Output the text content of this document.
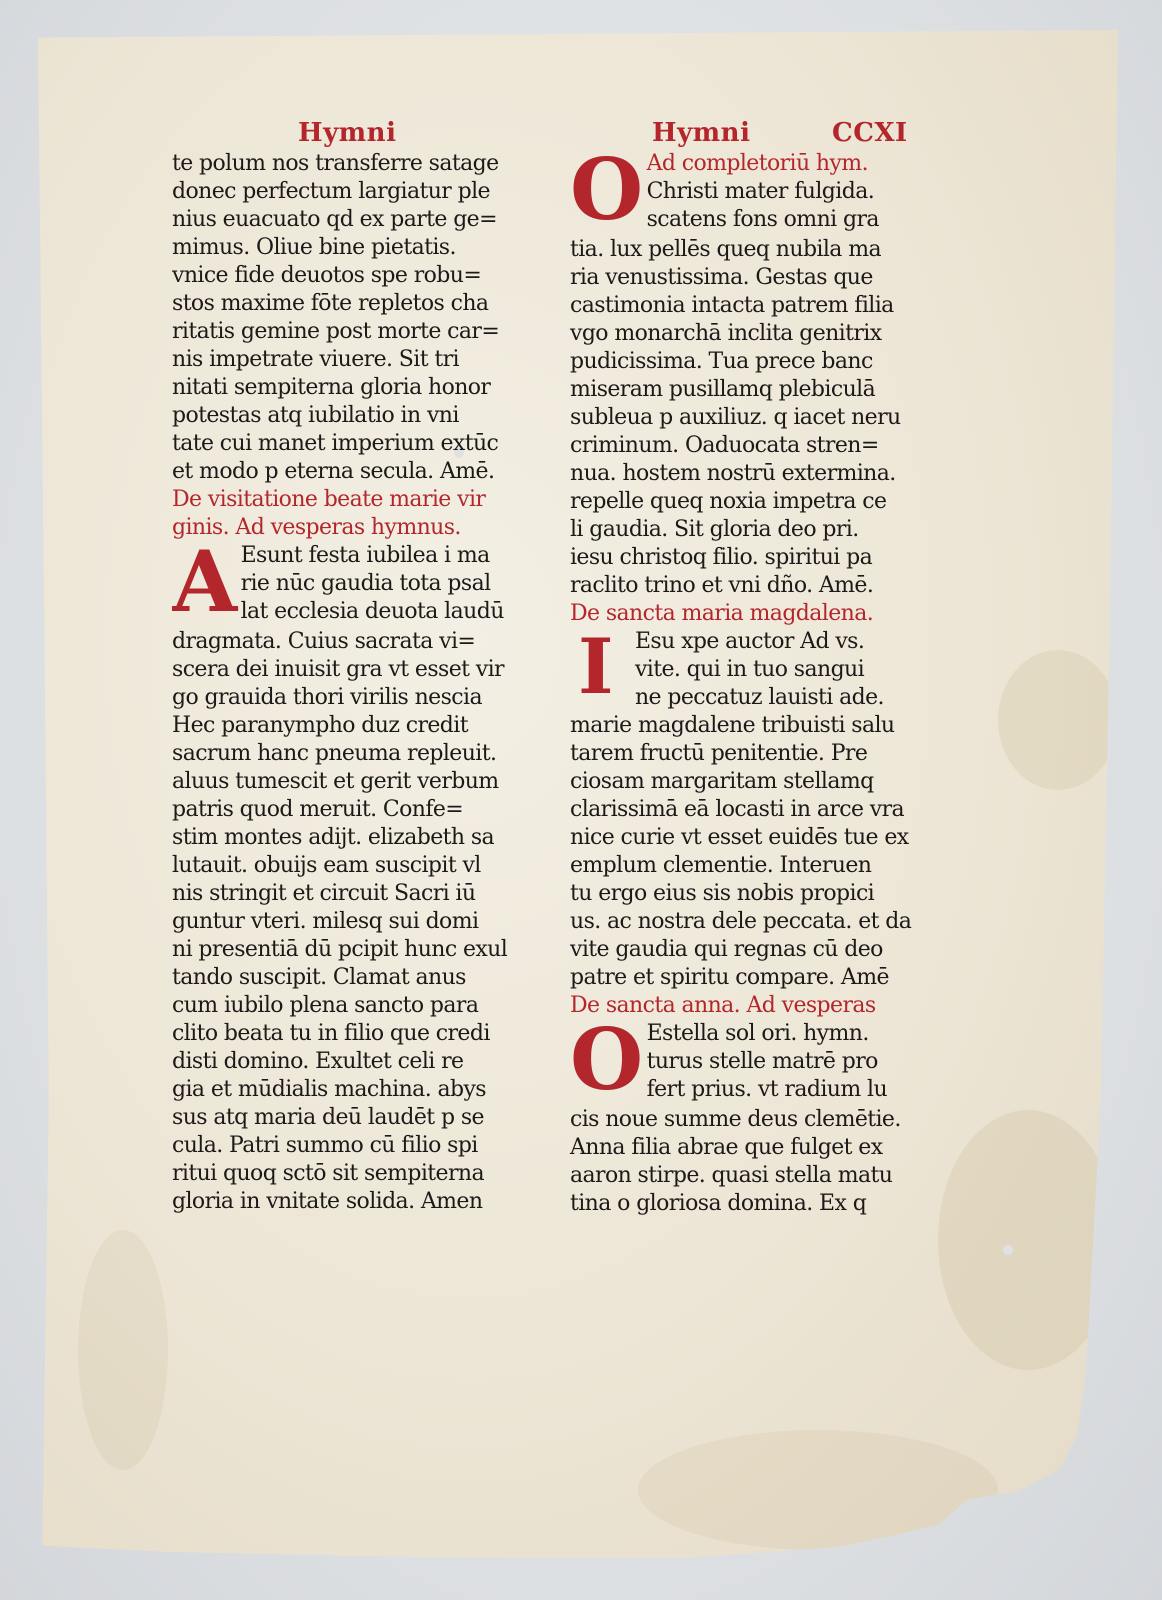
Hymni
te polum nos transferre satage
donec perfectum largiatur ple
nius euacuato qd ex parte ge=
mimus. Oliue bine pietatis.
vnice fide deuotos spe robu=
stos maxime fōte repletos cha
ritatis gemine post morte car=
nis impetrate viuere. Sit tri
nitati sempiterna gloria honor
potestas atq iubilatio in vni
tate cui manet imperium extūc
et modo p eterna secula. Amē.
De visitatione beate marie vir
ginis. Ad vesperas hymnus.
A Esunt festa iubilea i ma
rie nūc gaudia tota psal
lat ecclesia deuota laudū
dragmata. Cuius sacrata vi=
scera dei inuisit gra vt esset vir
go grauida thori virilis nescia
Hec paranympho duz credit
sacrum hanc pneuma repleuit.
aluus tumescit et gerit verbum
patris quod meruit. Confe=
stim montes adijt. elizabeth sa
lutauit. obuijs eam suscipit vl
nis stringit et circuit Sacri iū
guntur vteri. milesq sui domi
ni presentiā dū pcipit hunc exul
tando suscipit. Clamat anus
cum iubilo plena sancto para
clito beata tu in filio que credi
disti domino. Exultet celi re
gia et mūdialis machina. abys
sus atq maria deū laudēt p se
cula. Patri summo cū filio spi
ritui quoq sctō sit sempiterna
gloria in vnitate solida. Amen
Hymni	CCXI
O Ad completoriū hym.
Christi mater fulgida.
scatens fons omni gra
tia. lux pellēs queq nubila ma
ria venustissima. Gestas que
castimonia intacta patrem filia
vgo monarchā inclita genitrix
pudicissima. Tua prece banc
miseram pusillamq plebiculā
subleua p auxiliuz. q iacet neru
criminum. Oaduocata stren=
nua. hostem nostrū extermina.
repelle queq noxia impetra ce
li gaudia. Sit gloria deo pri.
iesu christoq filio. spiritui pa
raclito trino et vni dño. Amē.
De sancta maria magdalena.
I	Esu xpe auctor Ad vs.
vite. qui in tuo sangui
ne peccatuz lauisti ade.
marie magdalene tribuisti salu
tarem fructū penitentie. Pre
ciosam margaritam stellamq
clarissimā eā locasti in arce vra
nice curie vt esset euidēs tue ex
emplum clementie. Interuen
tu ergo eius sis nobis propici
us. ac nostra dele peccata. et da
vite gaudia qui regnas cū deo
patre et spiritu compare. Amē
De sancta anna. Ad vesperas
O Estella sol ori. hymn.
turus stelle matrē pro
fert prius. vt radium lu
cis noue summe deus clemētie.
Anna filia abrae que fulget ex
aaron stirpe. quasi stella matu
tina o gloriosa domina. Ex q
